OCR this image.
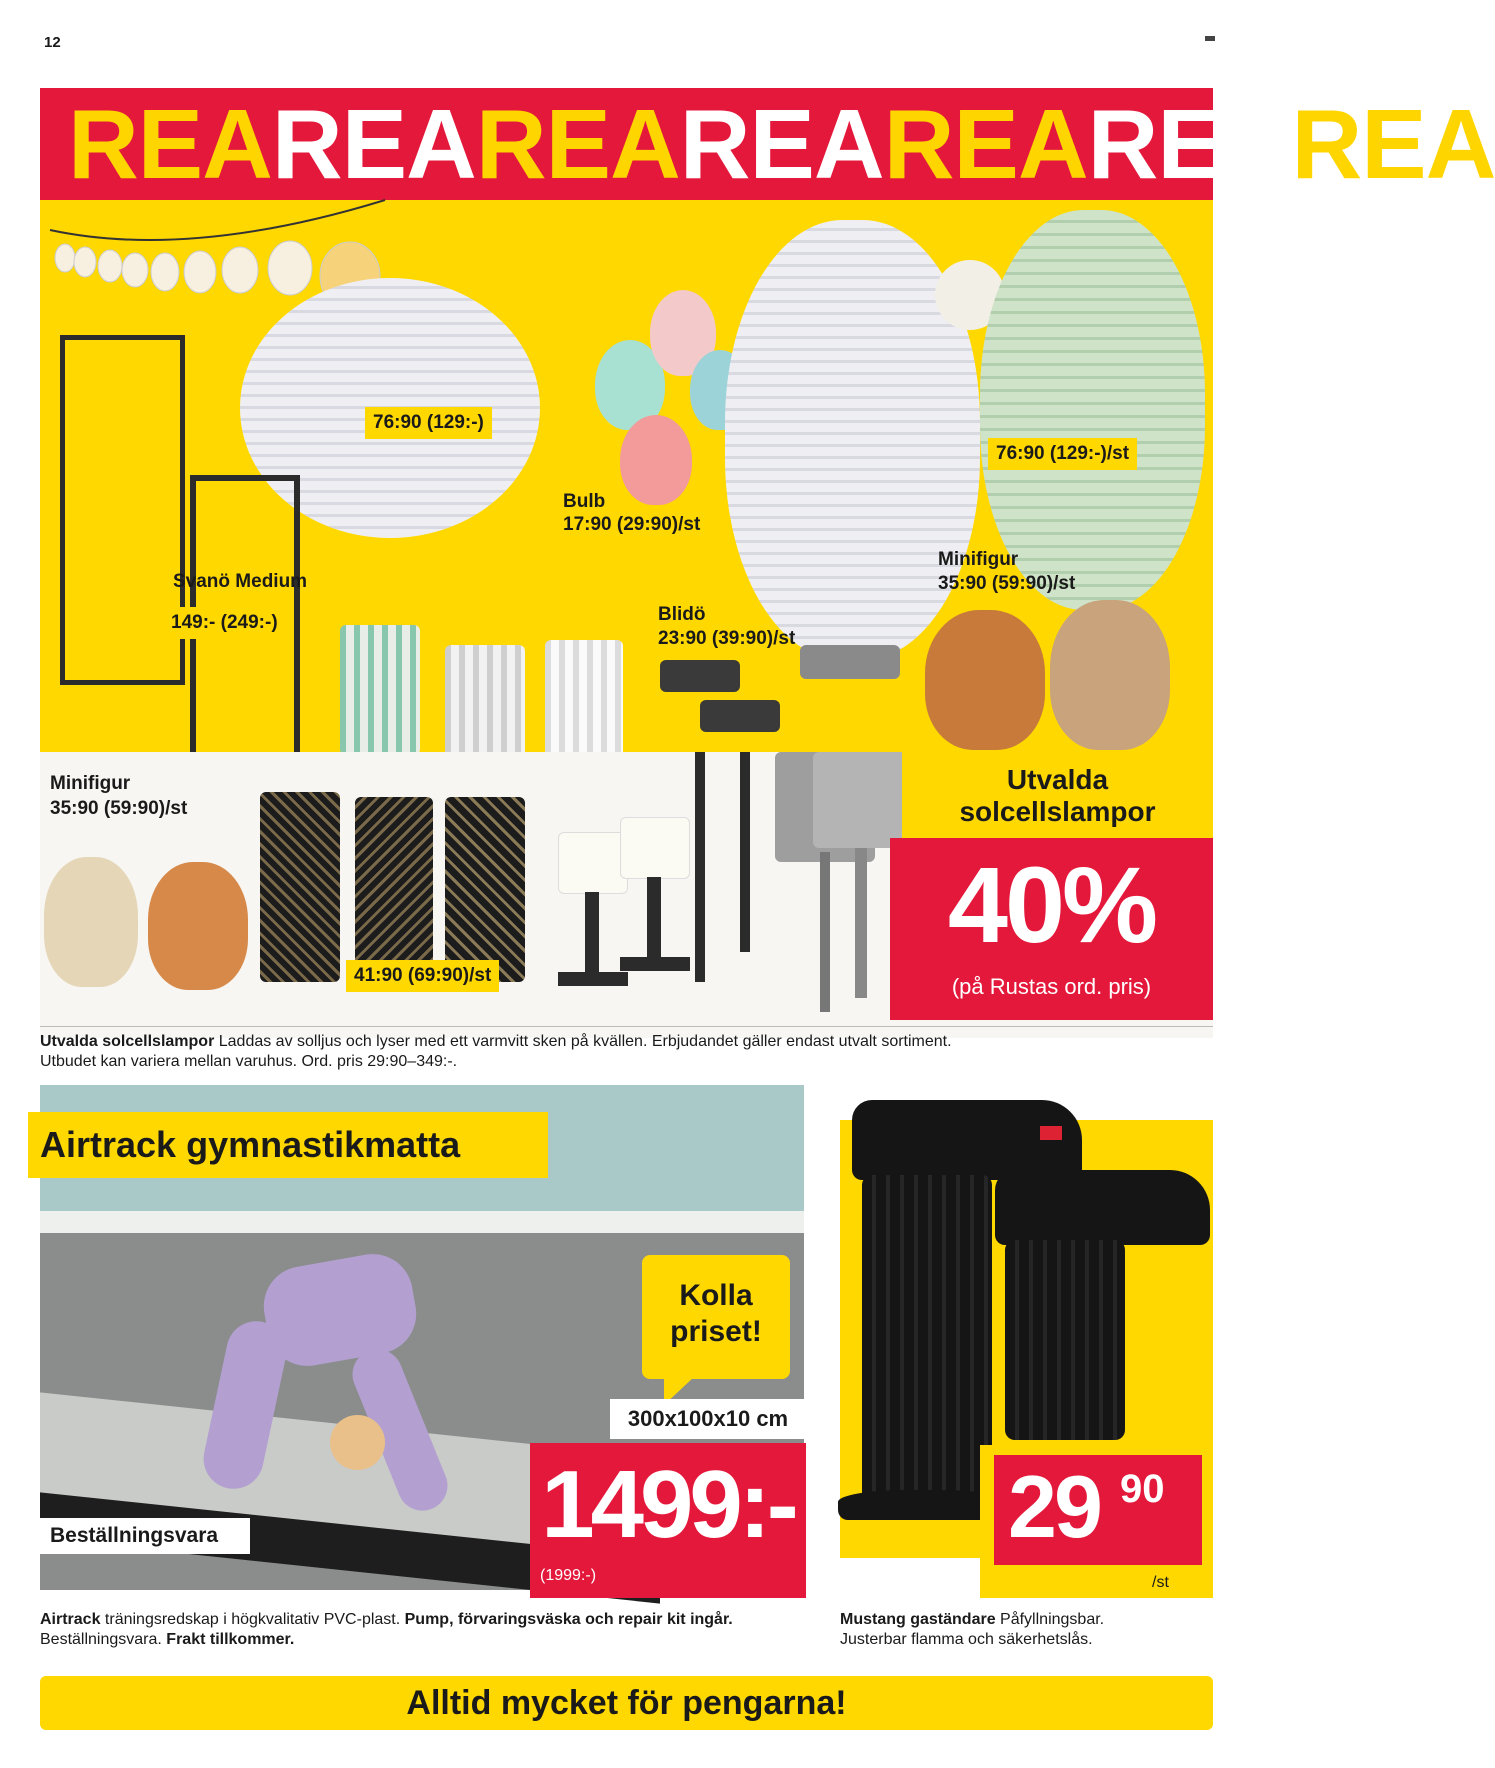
12
REAREAREAREAREAREAREA
76:90 (129:-)
76:90 (129:-)/st
Bulb
17:90 (29:90)/st
Svanö Medium
149:- (249:-)
Minifigur
35:90 (59:90)/st
Blidö
23:90 (39:90)/st
Minifigur
35:90 (59:90)/st
41:90 (69:90)/st
Utvalda
solcellslampor
40%
(på Rustas ord. pris)
Utvalda solcellslampor Laddas av solljus och lyser med ett varmvitt sken på kvällen. Erbjudandet gäller endast utvalt sortiment.
Utbudet kan variera mellan varuhus. Ord. pris 29:90–349:-.
Airtrack gymnastikmatta
Kolla
priset!
300x100x10 cm
1499:-
(1999:-)
Beställningsvara
Airtrack träningsredskap i högkvalitativ PVC-plast. Pump, förvaringsväska och repair kit ingår.
Beställningsvara. Frakt tillkommer.
29 90
/st
Mustang gaständare Påfyllningsbar.
Justerbar flamma och säkerhetslås.
Alltid mycket för pengarna!
